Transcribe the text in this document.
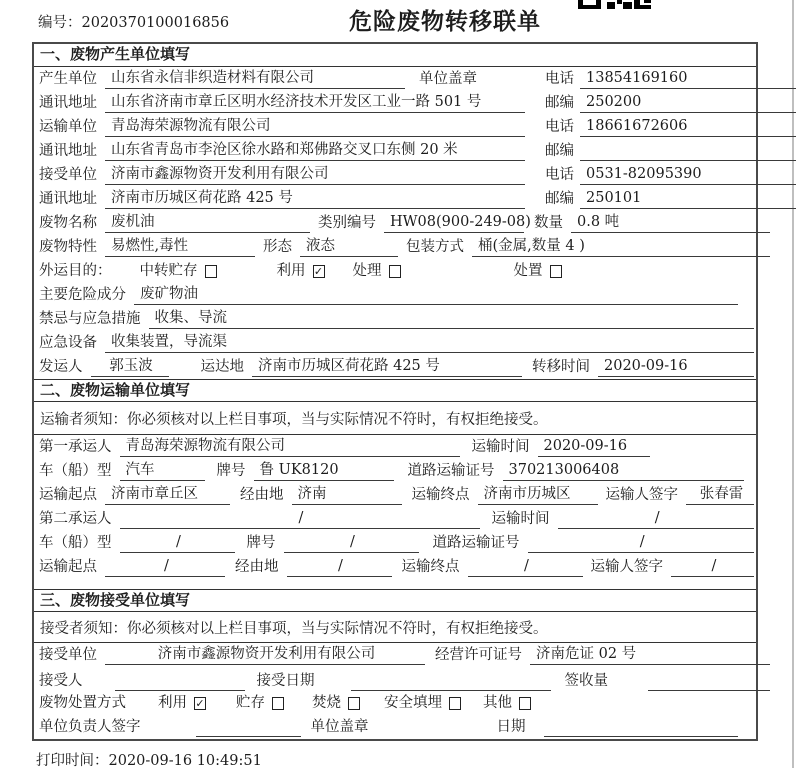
编号：2020370100016856	危险废物转移联单
一、废物产生单位填写
产生单位 山东省永信非织造材料有限公司	单位盖章	电话 13854169160
通讯地址 山东省济南市章丘区明水经济技术开发区工业一路 501 号	邮编 250200
运输单位 青岛海荣源物流有限公司	电话 18661672606
通讯地址 山东省青岛市李沧区徐水路和郑佛路交叉口东侧 20 米	邮编
接受单位 济南市鑫源物资开发利用有限公司	电话 0531-82095390
通讯地址 济南市历城区荷花路 425 号	邮编 250101
废物名称 废机油	类别编号 HW08(900-249-08) 数量 0.8 吨
废物特性 易燃性,毒性	形态 液态	包装方式 桶(金属,数量 4 )
外运目的： 中转贮存	利用 ✓ 处理	处置
主要危险成分 废矿物油
禁忌与应急措施 收集、导流
应急设备 收集装置，导流渠
发运人	郭玉波	运达地 济南市历城区荷花路 425 号	转移时间 2020-09-16
二、废物运输单位填写
运输者须知：你必须核对以上栏目事项，当与实际情况不符时，有权拒绝接受。
第一承运人 青岛海荣源物流有限公司	运输时间 2020-09-16
车（船）型 汽车	牌号 鲁 UK8120	道路运输证号 370213006408
运输起点 济南市章丘区	经由地 济南	运输终点 济南市历城区	运输人签字	张春雷
第二承运人	/	运输时间	/
车（船）型	/	牌号	/	道路运输证号	/
运输起点	/	经由地	/	运输终点	/	运输人签字	/
三、废物接受单位填写
接受者须知：你必须核对以上栏目事项，当与实际情况不符时，有权拒绝接受。
接受单位	济南市鑫源物资开发利用有限公司	经营许可证号 济南危证 02 号
接受人	接受日期	签收量
废物处置方式 利用 ✓ 贮存	焚烧	安全填埋	其他
单位负责人签字	单位盖章	日期
打印时间：2020-09-16 10:49:51
